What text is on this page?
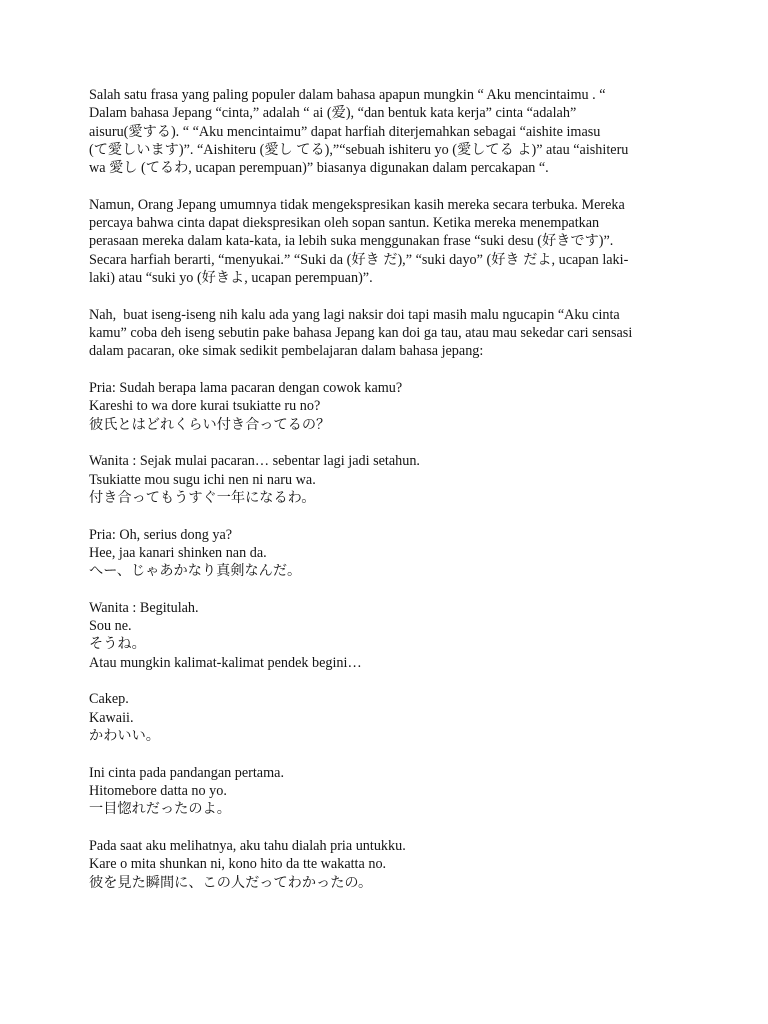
Salah satu frasa yang paling populer dalam bahasa apapun mungkin “ Aku mencintaimu . “
Dalam bahasa Jepang “cinta,” adalah “ ai (爱), “dan bentuk kata kerja” cinta “adalah”
aisuru(愛する). “ “Aku mencintaimu” dapat harfiah diterjemahkan sebagai “aishite imasu
(て愛しいます)”. “Aishiteru (愛し てる),”“sebuah ishiteru yo (愛してる よ)” atau “aishiteru
wa 愛し (てるわ, ucapan perempuan)” biasanya digunakan dalam percakapan “.
Namun, Orang Jepang umumnya tidak mengekspresikan kasih mereka secara terbuka. Mereka
percaya bahwa cinta dapat diekspresikan oleh sopan santun. Ketika mereka menempatkan
perasaan mereka dalam kata-kata, ia lebih suka menggunakan frase “suki desu (好きです)”.
Secara harfiah berarti, “menyukai.” “Suki da (好き だ),” “suki dayo” (好き だよ, ucapan laki-
laki) atau “suki yo (好きよ, ucapan perempuan)”.
Nah,  buat iseng-iseng nih kalu ada yang lagi naksir doi tapi masih malu ngucapin “Aku cinta
kamu” coba deh iseng sebutin pake bahasa Jepang kan doi ga tau, atau mau sekedar cari sensasi
dalam pacaran, oke simak sedikit pembelajaran dalam bahasa jepang:
Pria: Sudah berapa lama pacaran dengan cowok kamu?
Kareshi to wa dore kurai tsukiatte ru no?
彼氏とはどれくらい付き合ってるの？
Wanita : Sejak mulai pacaran… sebentar lagi jadi setahun.
Tsukiatte mou sugu ichi nen ni naru wa.
付き合ってもうすぐ一年になるわ。
Pria: Oh, serius dong ya?
Hee, jaa kanari shinken nan da.
へー、じゃあかなり真剣なんだ。
Wanita : Begitulah.
Sou ne.
そうね。
Atau mungkin kalimat-kalimat pendek begini…
Cakep.
Kawaii.
かわいい。
Ini cinta pada pandangan pertama.
Hitomebore datta no yo.
一目惚れだったのよ。
Pada saat aku melihatnya, aku tahu dialah pria untukku.
Kare o mita shunkan ni, kono hito da tte wakatta no.
彼を見た瞬間に、この人だってわかったの。
